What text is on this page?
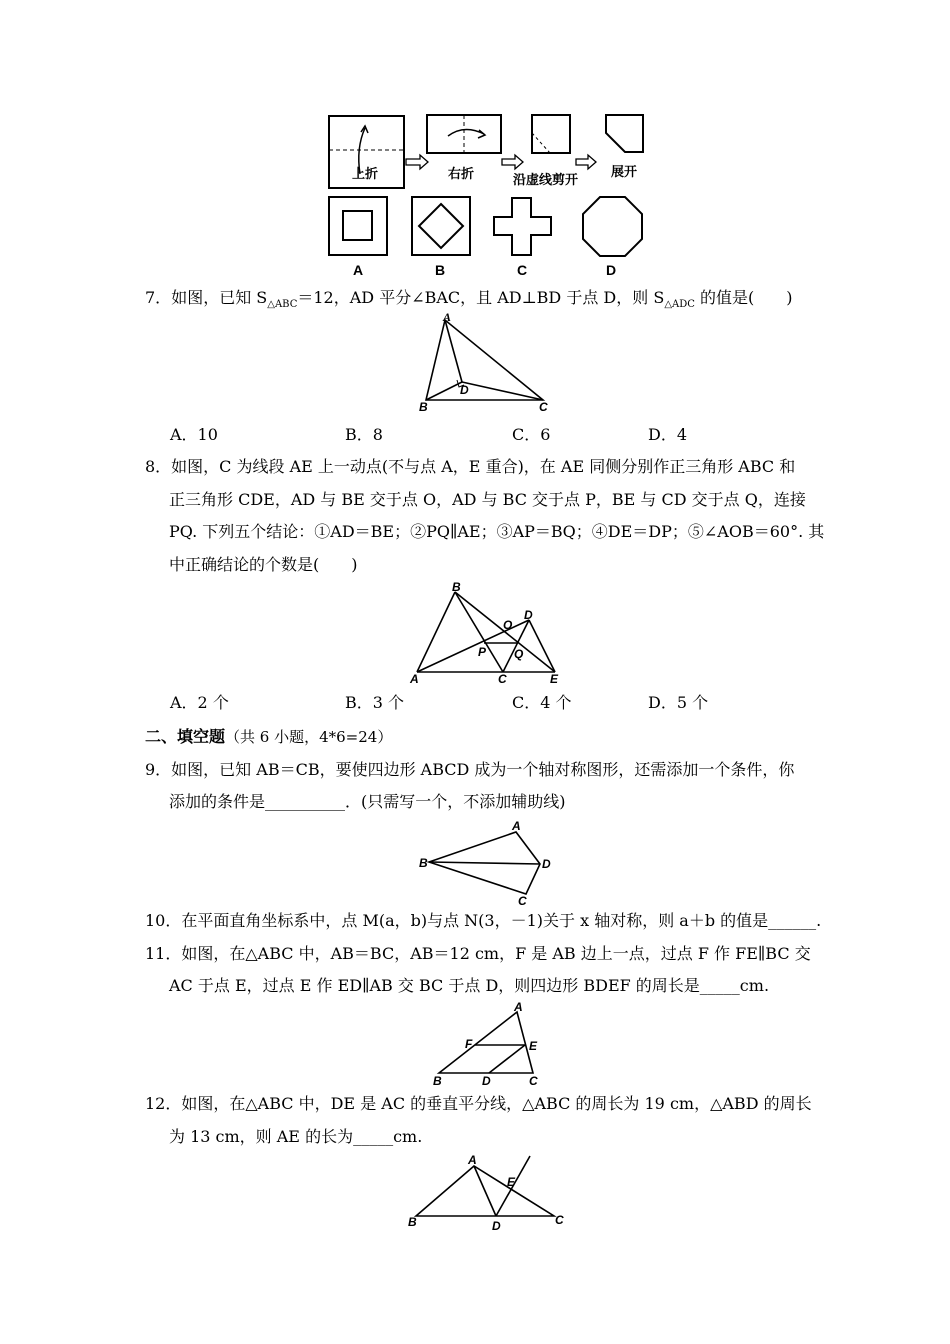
上折	右折	沿虚线剪开
展开
A	B	C	D
7．如图，已知 $S_{\triangle ABC}=12$，AD 平分∠BAC，且 AD⊥BD 于点 D，则 $S_{\triangle ADC}$ 的值是(　　)
A
B	C
D
A．10	B．8	C．6	D．4
8．如图，C 为线段 AE 上一动点(不与点 A，E 重合)，在 AE 同侧分别作正三角形 ABC 和
正三角形 CDE，AD 与 BE 交于点 O，AD 与 BC 交于点 P，BE 与 CD 交于点 Q，连接
PQ. 下列五个结论：①AD＝BE；②PQ∥AE；③AP＝BQ；④DE＝DP；⑤∠AOB＝60°. 其
中正确结论的个数是(　　)
A
B
C
D
E
O
P Q
A．2 个	B．3 个	C．4 个	D．5 个
二、填空题（共 6 小题，4*6=24）
9．如图，已知 AB＝CB，要使四边形 ABCD 成为一个轴对称图形，还需添加一个条件，你
添加的条件是__________．(只需写一个，不添加辅助线)
A
B
C
D
10．在平面直角坐标系中，点 M(a，b)与点 N(3，－1)关于 x 轴对称，则 a＋b 的值是______.
11．如图，在△ABC 中，AB＝BC，AB＝12 cm，F 是 AB 边上一点，过点 F 作 FE∥BC 交
AC 于点 E，过点 E 作 ED∥AB 交 BC 于点 D，则四边形 BDEF 的周长是_____cm.
A
B	C
D
E
F
12．如图，在△ABC 中，DE 是 AC 的垂直平分线，△ABC 的周长为 19 cm，△ABD 的周长
为 13 cm，则 AE 的长为_____cm.
A
B	C
D
E
